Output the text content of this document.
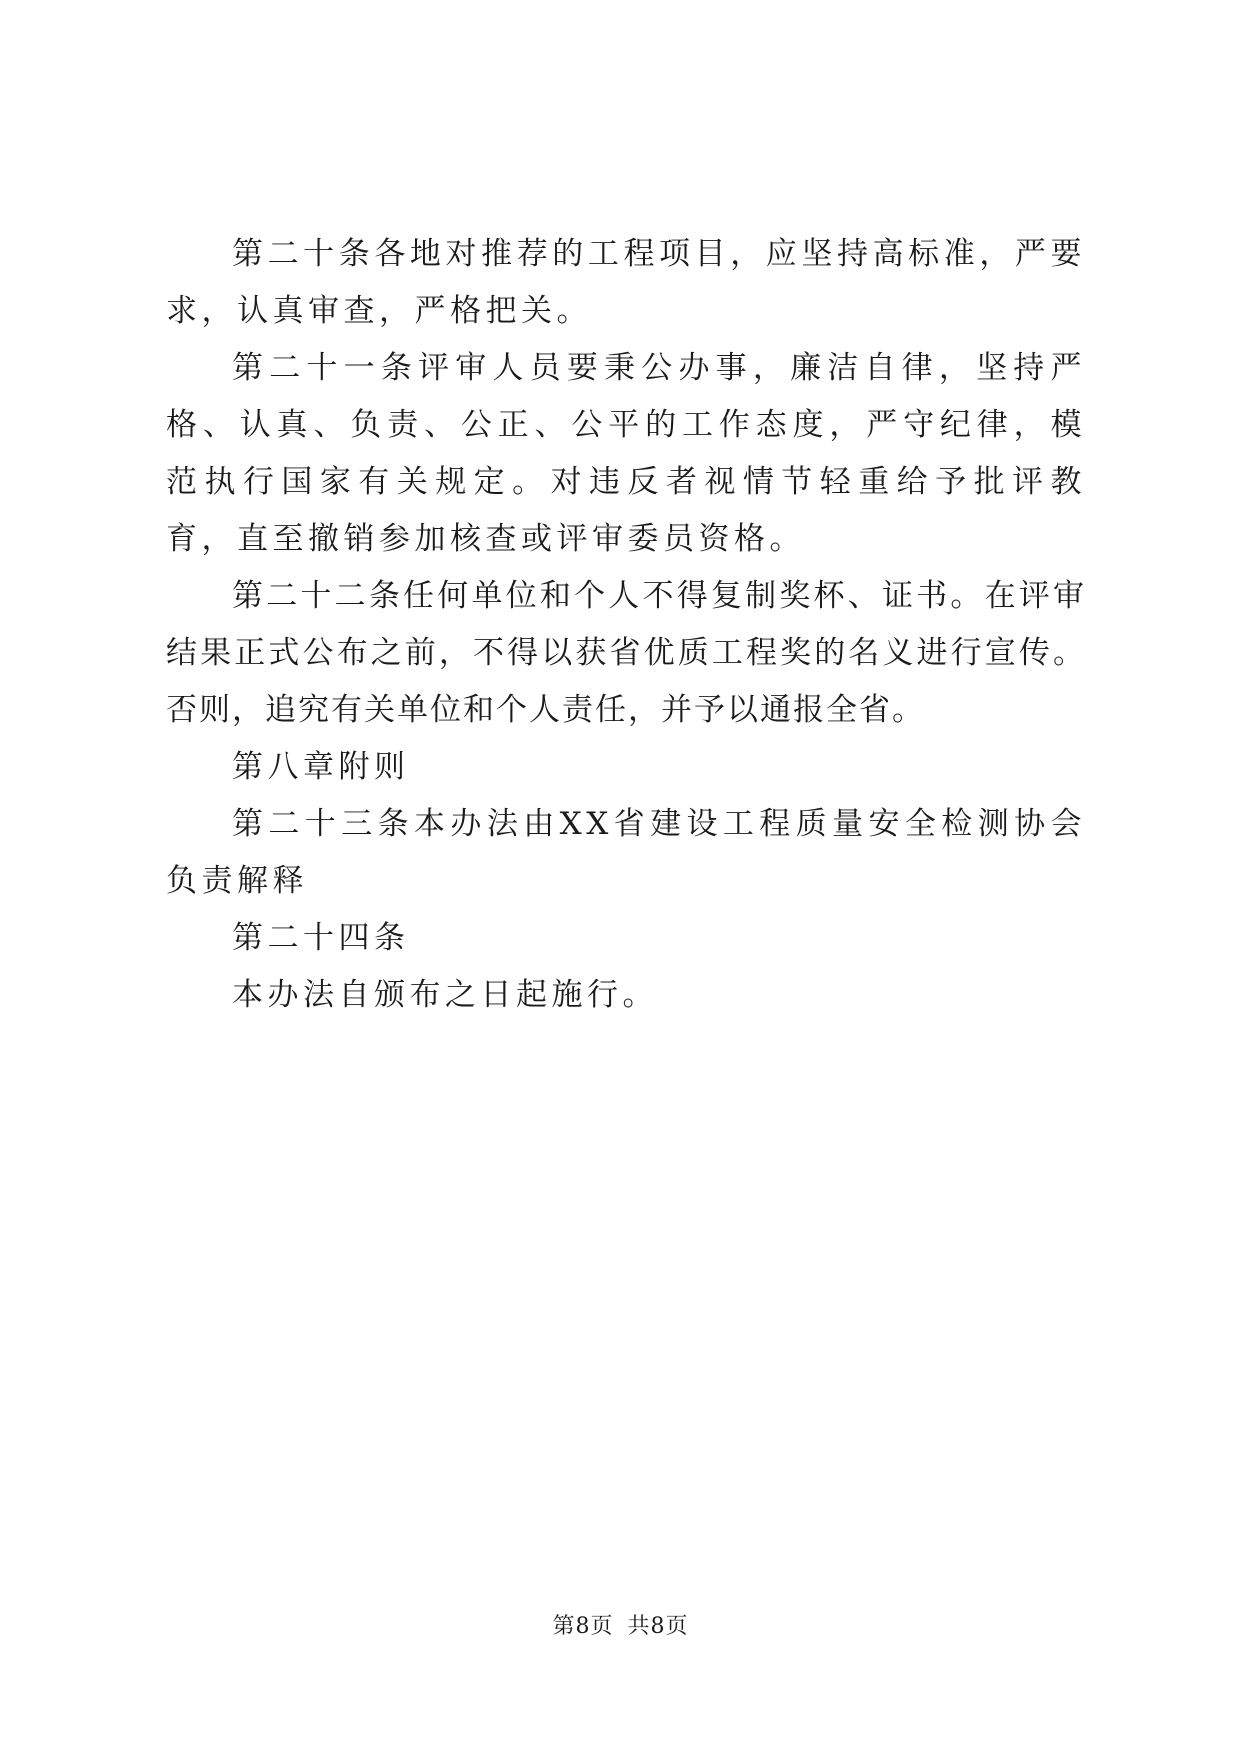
第二十条各地对推荐的工程项目，应坚持高标准，严要求，认真审查，严格把关。

第二十一条评审人员要秉公办事，廉洁自律，坚持严格、认真、负责、公正、公平的工作态度，严守纪律，模范执行国家有关规定。对违反者视情节轻重给予批评教育，直至撤销参加核查或评审委员资格。

第二十二条任何单位和个人不得复制奖杯、证书。在评审结果正式公布之前，不得以获省优质工程奖的名义进行宣传。否则，追究有关单位和个人责任，并予以通报全省。

第八章附则

第二十三条本办法由XX省建设工程质量安全检测协会负责解释

第二十四条

本办法自颁布之日起施行。

第8页 共8页
